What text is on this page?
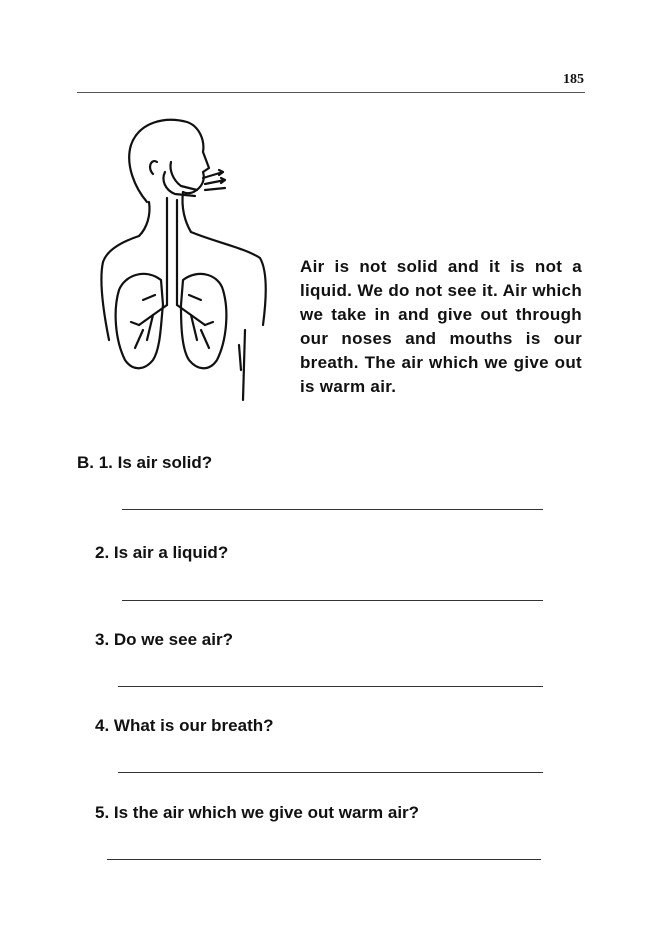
185
Air is not solid and it is not a liquid. We do not see it. Air which we take in and give out through our noses and mouths is our breath. The air which we give out is warm air.
B. 1. Is air solid?
2. Is air a liquid?
3. Do we see air?
4. What is our breath?
5. Is the air which we give out warm air?
